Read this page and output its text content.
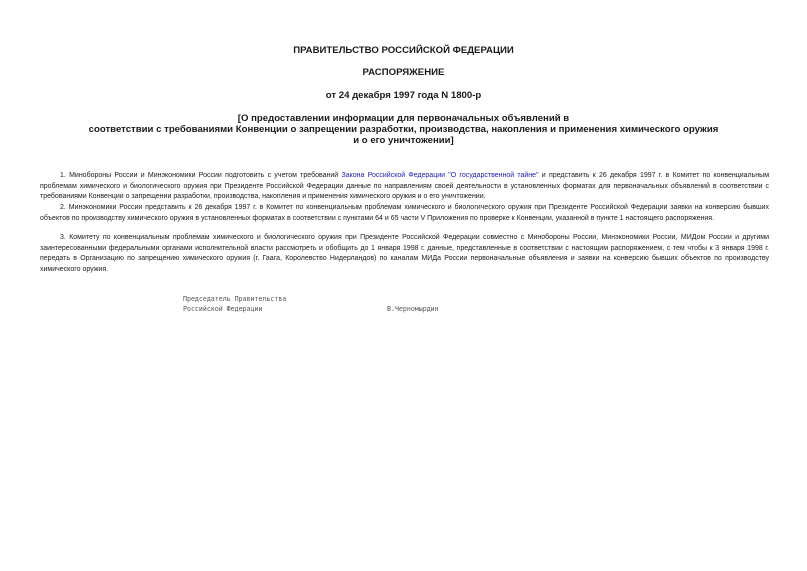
ПРАВИТЕЛЬСТВО РОССИЙСКОЙ ФЕДЕРАЦИИ
РАСПОРЯЖЕНИЕ
от 24 декабря 1997 года N 1800-р
[О предоставлении информации для первоначальных объявлений в
соответствии с требованиями Конвенции о запрещении разработки, производства, накопления и применения химического оружия
и о его уничтожении]

1. Минобороны России и Минэкономики России подготовить с учетом требований Закона Российской Федерации "О государственной тайне" и представить к 26 декабря 1997 г. в Комитет по конвенциальным проблемам химического и биологического оружия при Президенте Российской Федерации данные по направлениям своей деятельности в установленных форматах для первоначальных объявлений в соответствии с требованиями Конвенции о запрещении разработки, производства, накопления и применения химического оружия и о его уничтожении.

2. Минэкономики России представить к 26 декабря 1997 г. в Комитет по конвенциальным проблемам химического и биологического оружия при Президенте Российской Федерации заявки на конверсию бывших объектов по производству химического оружия в установленных форматах в соответствии с пунктами 64 и 65 части V Приложения по проверке к Конвенции, указанной в пункте 1 настоящего распоряжения.

3. Комитету по конвенциальным проблемам химического и биологического оружия при Президенте Российской Федерации совместно с Минобороны России, Минэкономики России, МИДом России и другими заинтересованными федеральными органами исполнительной власти рассмотреть и обобщить до 1 января 1998 г. данные, представленные в соответствии с настоящим распоряжением, с тем чтобы к 3 января 1998 г. передать в Организацию по запрещению химического оружия (г. Гаага, Королевство Нидерландов) по каналам МИДа России первоначальные объявления и заявки на конверсию бывших объектов по производству химического оружия.

Председатель Правительства
Российской Федерации	В.Черномырдин
